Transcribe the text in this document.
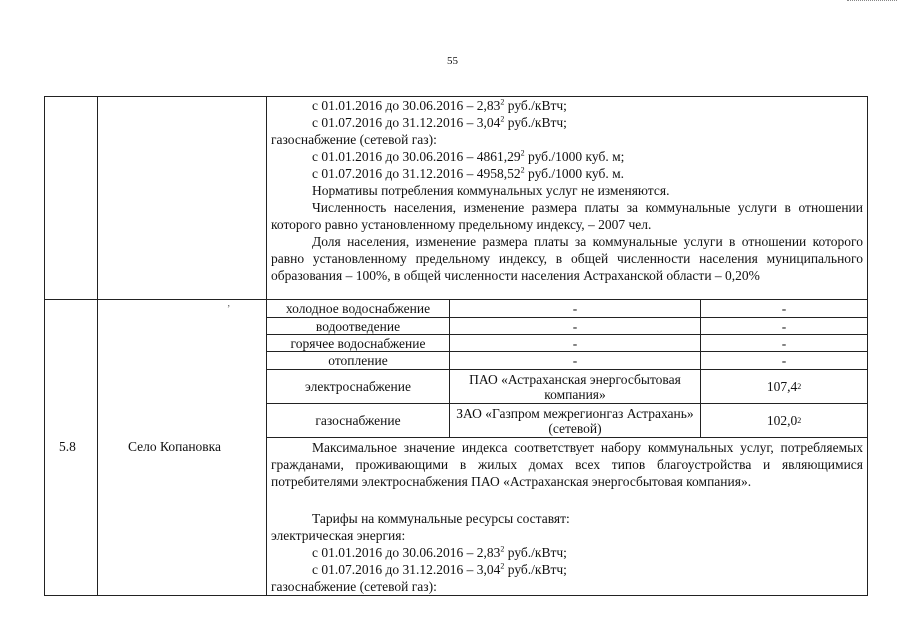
55
с 01.01.2016 до 30.06.2016 – 2,83$^2$ руб./кВтч;
с 01.07.2016 до 31.12.2016 – 3,04$^2$ руб./кВтч;
газоснабжение (сетевой газ):
с 01.01.2016 до 30.06.2016 – 4861,29$^2$ руб./1000 куб. м;
с 01.07.2016 до 31.12.2016 – 4958,52$^2$ руб./1000 куб. м.
Нормативы потребления коммунальных услуг не изменяются.
Численность населения, изменение размера платы за коммунальные услуги в отношении которого равно установленному предельному индексу, – 2007 чел.
Доля населения, изменение размера платы за коммунальные услуги в отношении которого равно установленному предельному индексу, в общей численности населения муниципального образования – 100%, в общей численности населения Астраханской области – 0,20%
5.8	Село Копановка
ʼ	холодное водоснабжение	-	-
водоотведение	-	-
горячее водоснабжение	-	-
отопление	-	-
электроснабжение	ПАО «Астраханская энергосбытовая компания»	107,4 2
газоснабжение	ЗАО «Газпром межрегионгаз Астрахань» (сетевой)	102,0 2
Максимальное значение индекса соответствует набору коммунальных услуг, потребляемых гражданами, проживающими в жилых домах всех типов благоустройства и являющимися потребителями электроснабжения ПАО «Астраханская энергосбытовая компания».
Тарифы на коммунальные ресурсы составят:
электрическая энергия:
с 01.01.2016 до 30.06.2016 – 2,83$^2$ руб./кВтч;
с 01.07.2016 до 31.12.2016 – 3,04$^2$ руб./кВтч;
газоснабжение (сетевой газ):
